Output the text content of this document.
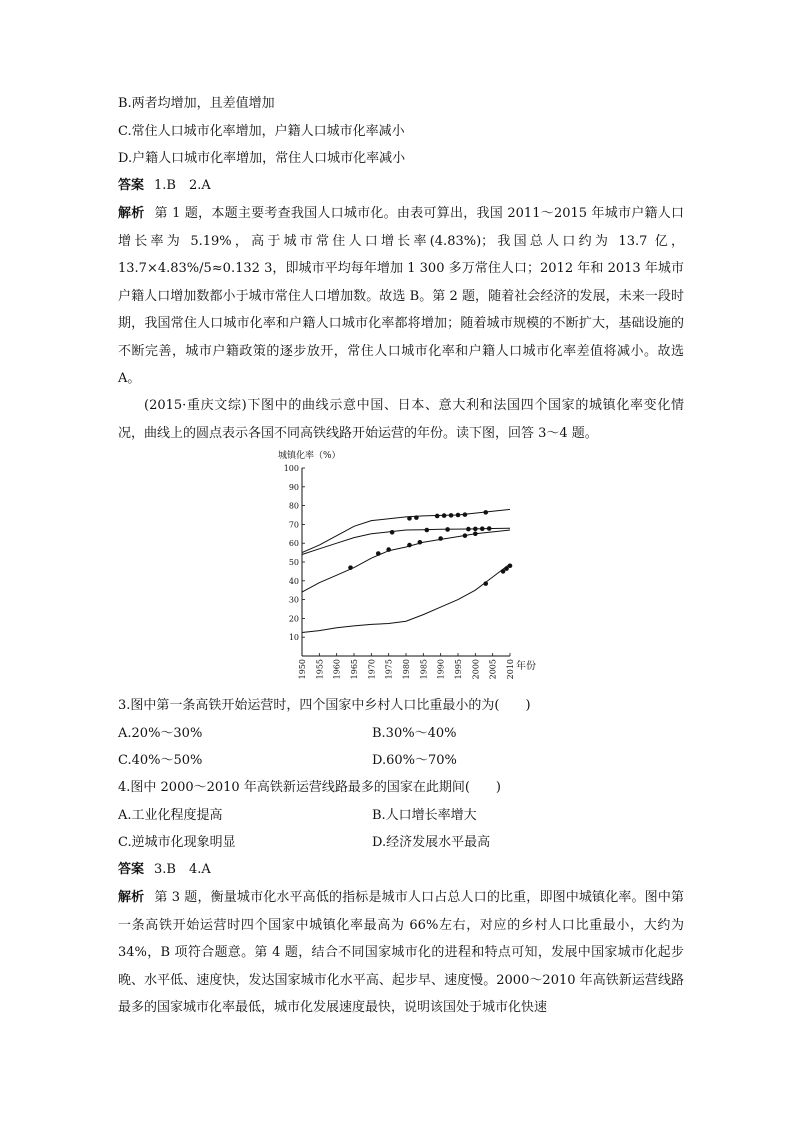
B.两者均增加，且差值增加
C.常住人口城市化率增加，户籍人口城市化率减小
D.户籍人口城市化率增加，常住人口城市化率减小
答案 1.B　2.A

解析 第 1 题，本题主要考查我国人口城市化。由表可算出，我国 2011～2015 年城市户籍人口增长率为 5.19%，高于城市常住人口增长率(4.83%)；我国总人口约为 13.7 亿，13.7×4.83%/5≈0.132 3，即城市平均每年增加 1 300 多万常住人口；2012 年和 2013 年城市户籍人口增加数都小于城市常住人口增加数。故选 B。第 2 题，随着社会经济的发展，未来一段时期，我国常住人口城市化率和户籍人口城市化率都将增加；随着城市规模的不断扩大，基础设施的不断完善，城市户籍政策的逐步放开，常住人口城市化率和户籍人口城市化率差值将减小。故选 A。

(2015·重庆文综)下图中的曲线示意中国、日本、意大利和法国四个国家的城镇化率变化情况，曲线上的圆点表示各国不同高铁线路开始运营的年份。读下图，回答 3～4 题。

城镇化率（%）
年份
10
20
30
40
50
60
70
80
90
100
1950 1955 1960 1965 1970 1975 1980 1985 1990 1995 2000 2005 2010
3.图中第一条高铁开始运营时，四个国家中乡村人口比重最小的为(　　)
A.20%～30%	B.30%～40%
C.40%～50%	D.60%～70%
4.图中 2000～2010 年高铁新运营线路最多的国家在此期间(　　)
A.工业化程度提高	B.人口增长率增大
C.逆城市化现象明显	D.经济发展水平最高
答案 3.B　4.A

解析 第 3 题，衡量城市化水平高低的指标是城市人口占总人口的比重，即图中城镇化率。图中第一条高铁开始运营时四个国家中城镇化率最高为 66%左右，对应的乡村人口比重最小，大约为 34%，B 项符合题意。第 4 题，结合不同国家城市化的进程和特点可知，发展中国家城市化起步晚、水平低、速度快，发达国家城市化水平高、起步早、速度慢。2000～2010 年高铁新运营线路最多的国家城市化率最低，城市化发展速度最快，说明该国处于城市化快速
